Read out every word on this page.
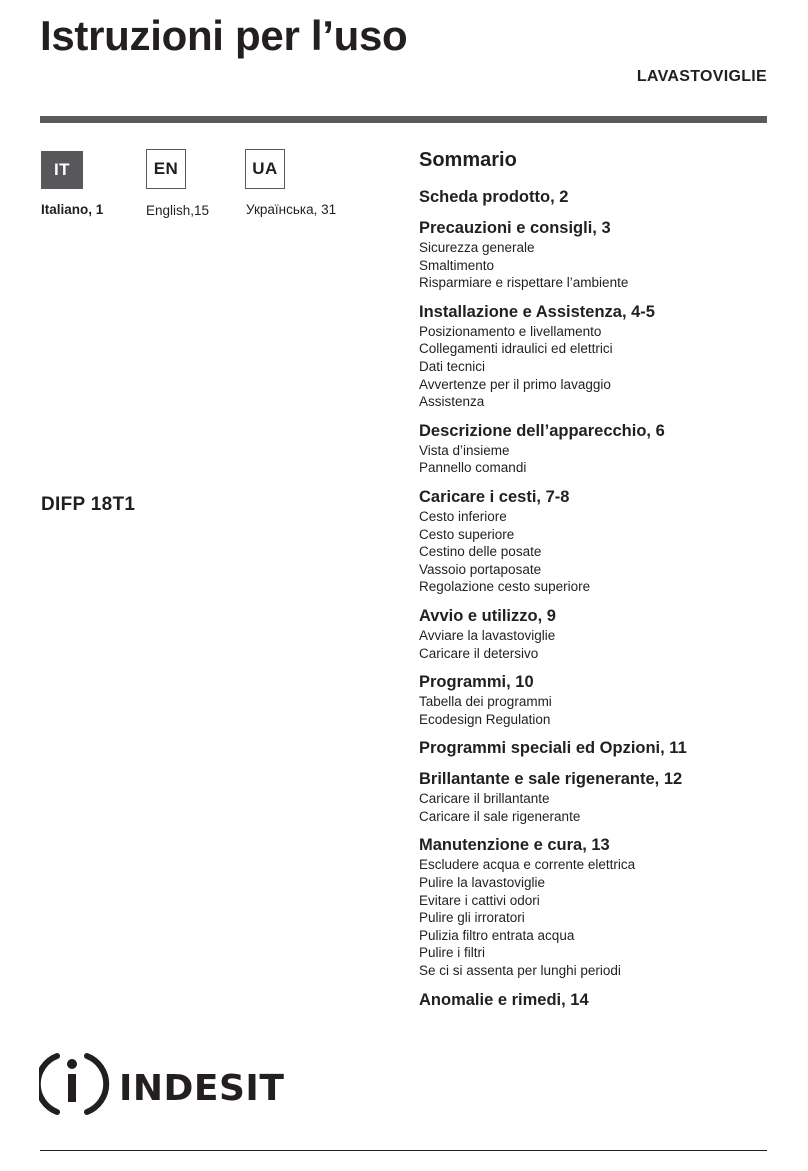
Istruzioni per l’uso
LAVASTOVIGLIE
IT	EN	UA
Italiano, 1	English,15	Українська, 31
DIFP 18T1
Sommario
Scheda prodotto, 2
Precauzioni e consigli, 3
Sicurezza generale
Smaltimento
Risparmiare e rispettare l’ambiente
Installazione e Assistenza, 4-5
Posizionamento e livellamento
Collegamenti idraulici ed elettrici
Dati tecnici
Avvertenze per il primo lavaggio
Assistenza
Descrizione dell’apparecchio, 6
Vista d’insieme
Pannello comandi
Caricare i cesti, 7-8
Cesto inferiore
Cesto superiore
Cestino delle posate
Vassoio portaposate
Regolazione cesto superiore
Avvio e utilizzo, 9
Avviare la lavastoviglie
Caricare il detersivo
Programmi, 10
Tabella dei programmi
Ecodesign Regulation
Programmi speciali ed Opzioni, 11
Brillantante e sale rigenerante, 12
Caricare il brillantante
Caricare il sale rigenerante
Manutenzione e cura, 13
Escludere acqua e corrente elettrica
Pulire la lavastoviglie
Evitare i cattivi odori
Pulire gli irroratori
Pulizia filtro entrata acqua
Pulire i filtri
Se ci si assenta per lunghi periodi
Anomalie e rimedi, 14
INDESIT
